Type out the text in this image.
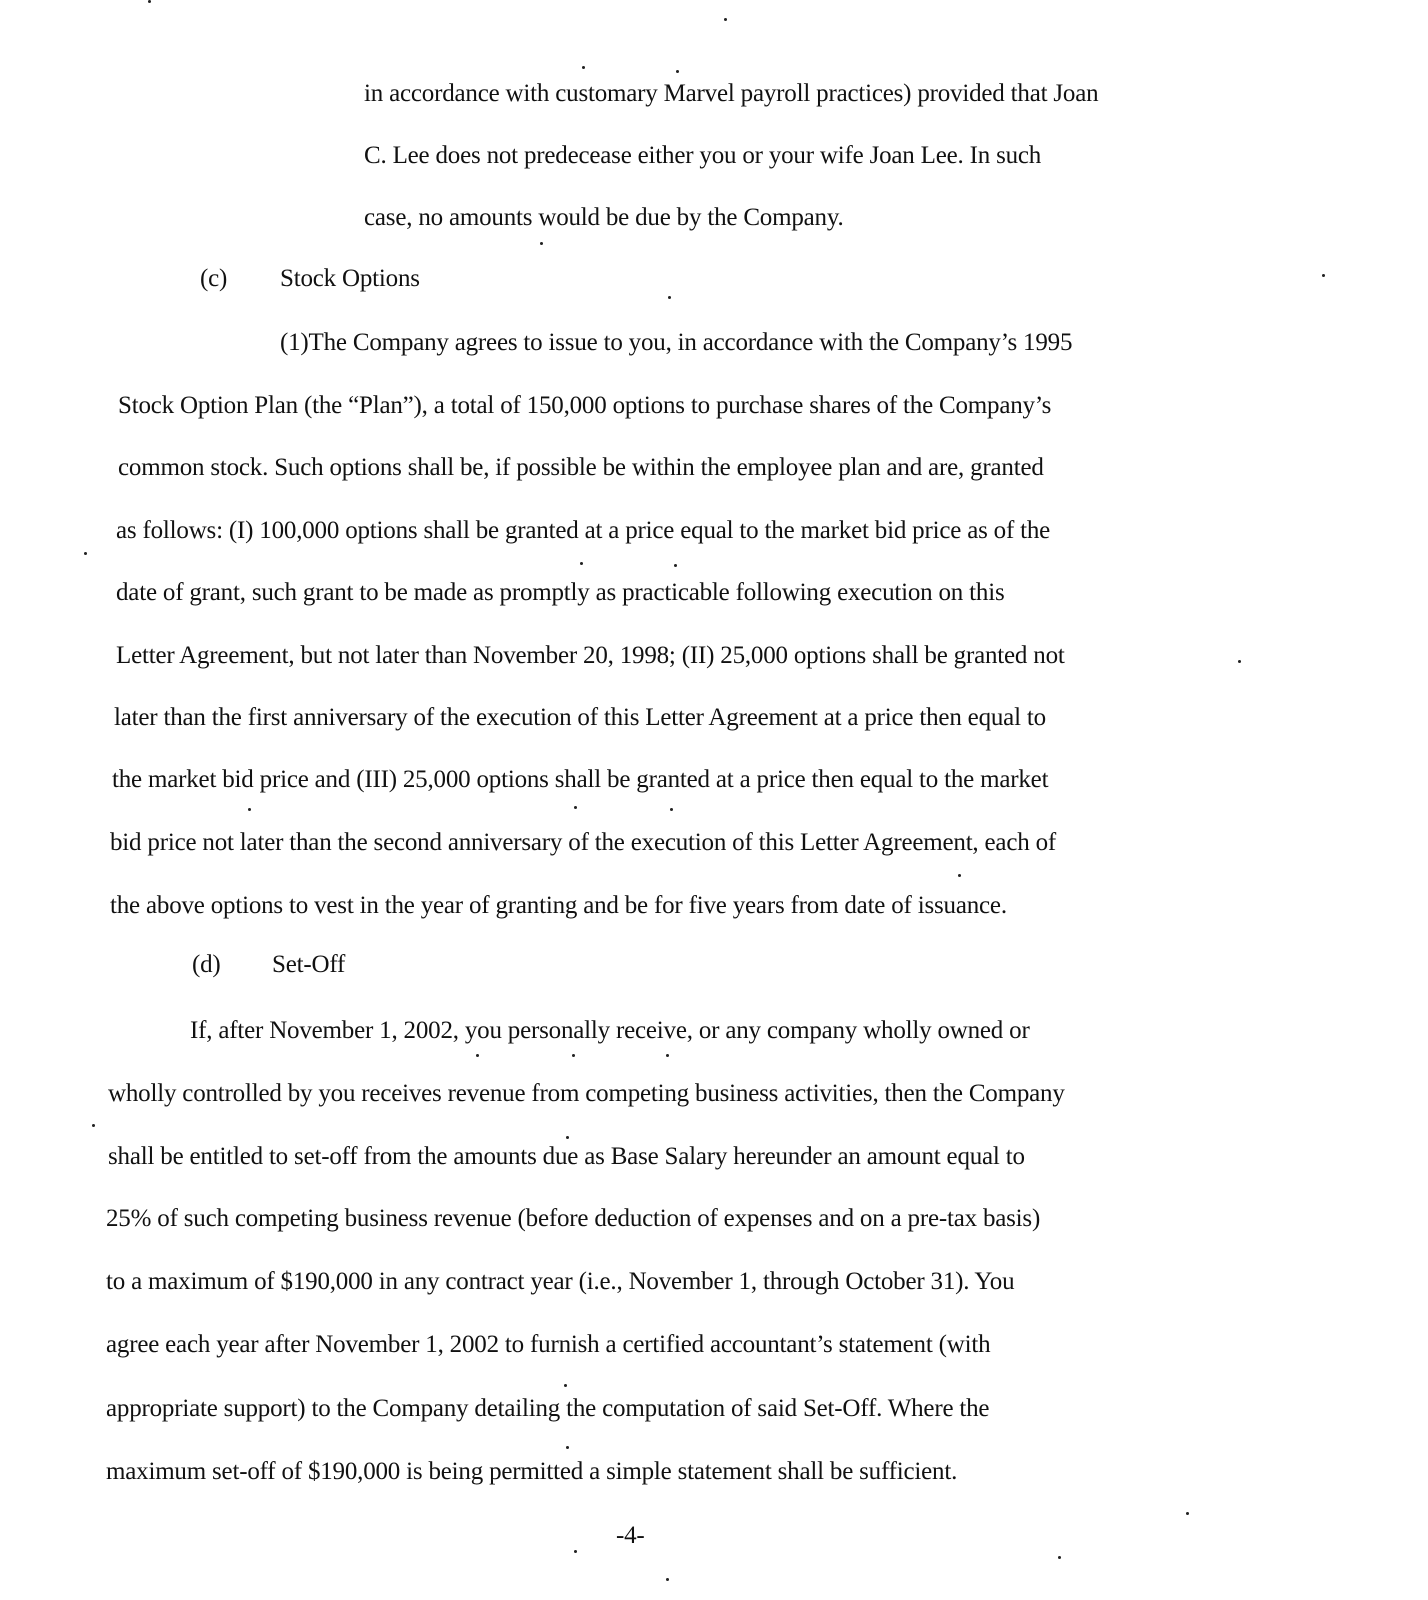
in accordance with customary Marvel payroll practices) provided that Joan
C. Lee does not predecease either you or your wife Joan Lee. In such
case, no amounts would be due by the Company.
(c) Stock Options
(1)The Company agrees to issue to you, in accordance with the Company’s 1995
Stock Option Plan (the “Plan”), a total of 150,000 options to purchase shares of the Company’s
common stock. Such options shall be, if possible be within the employee plan and are, granted
as follows: (I) 100,000 options shall be granted at a price equal to the market bid price as of the
date of grant, such grant to be made as promptly as practicable following execution on this
Letter Agreement, but not later than November 20, 1998; (II) 25,000 options shall be granted not
later than the first anniversary of the execution of this Letter Agreement at a price then equal to
the market bid price and (III) 25,000 options shall be granted at a price then equal to the market
bid price not later than the second anniversary of the execution of this Letter Agreement, each of
the above options to vest in the year of granting and be for five years from date of issuance.
(d) Set-Off
If, after November 1, 2002, you personally receive, or any company wholly owned or
wholly controlled by you receives revenue from competing business activities, then the Company
shall be entitled to set-off from the amounts due as Base Salary hereunder an amount equal to
25% of such competing business revenue (before deduction of expenses and on a pre-tax basis)
to a maximum of $190,000 in any contract year (i.e., November 1, through October 31). You
agree each year after November 1, 2002 to furnish a certified accountant’s statement (with
appropriate support) to the Company detailing the computation of said Set-Off. Where the
maximum set-off of $190,000 is being permitted a simple statement shall be sufficient.
-4-
